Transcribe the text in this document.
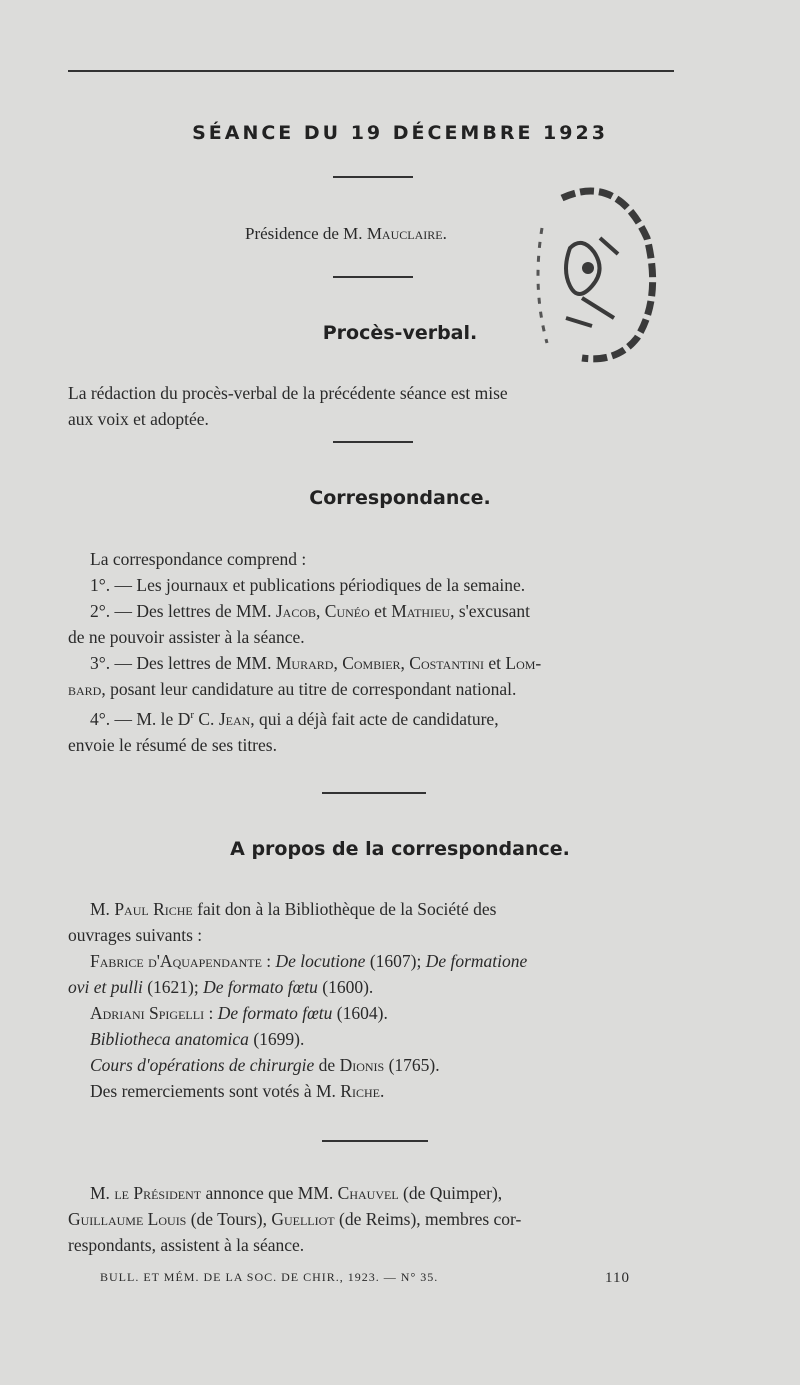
SÉANCE DU 19 DÉCEMBRE 1923
Présidence de M. Mauclaire.
Procès-verbal.
La rédaction du procès-verbal de la précédente séance est mise
aux voix et adoptée.
Correspondance.
La correspondance comprend :
1°. — Les journaux et publications périodiques de la semaine.
2°. — Des lettres de MM. Jacob, Cunéo et Mathieu, s'excusant
de ne pouvoir assister à la séance.
3°. — Des lettres de MM. Murard, Combier, Costantini et Lom-
bard, posant leur candidature au titre de correspondant national.
4°. — M. le $D^r$ C. Jean, qui a déjà fait acte de candidature,
envoie le résumé de ses titres.
A propos de la correspondance.
M. Paul Riche fait don à la Bibliothèque de la Société des
ouvrages suivants :
Fabrice d'Aquapendante : De locutione (1607); De formatione
ovi et pulli (1621); De formato fœtu (1600).
Adriani Spigelli : De formato fœtu (1604).
Bibliotheca anatomica (1699).
Cours d'opérations de chirurgie de Dionis (1765).
Des remerciements sont votés à M. Riche.
M. le Président annonce que MM. Chauvel (de Quimper),
Guillaume Louis (de Tours), Guelliot (de Reims), membres cor-
respondants, assistent à la séance.
BULL. ET MÉM. DE LA SOC. DE CHIR., 1923. — N° 35.	110
